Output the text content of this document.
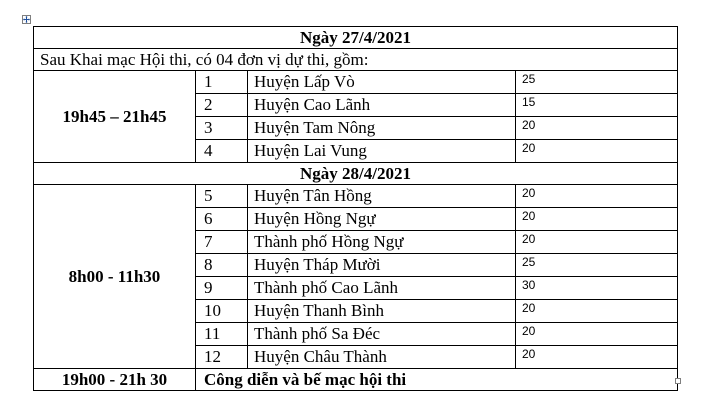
Ngày 27/4/2021			
Sau Khai mạc Hội thi, có 04 đơn vị dự thi, gồm:			
19h45 – 21h45	1	Huyện Lấp Vò	25
	2	Huyện Cao Lãnh	15
	3	Huyện Tam Nông	20
	4	Huyện Lai Vung	20
Ngày 28/4/2021			
8h00 - 11h30	5	Huyện Tân Hồng	20
	6	Huyện Hồng Ngự	20
	7	Thành phố Hồng Ngự	20
	8	Huyện Tháp Mười	25
	9	Thành phố Cao Lãnh	30
	10	Huyện Thanh Bình	20
	11	Thành phố Sa Đéc	20
	12	Huyện Châu Thành	20
19h00 - 21h 30	Công diễn và bế mạc hội thi		
